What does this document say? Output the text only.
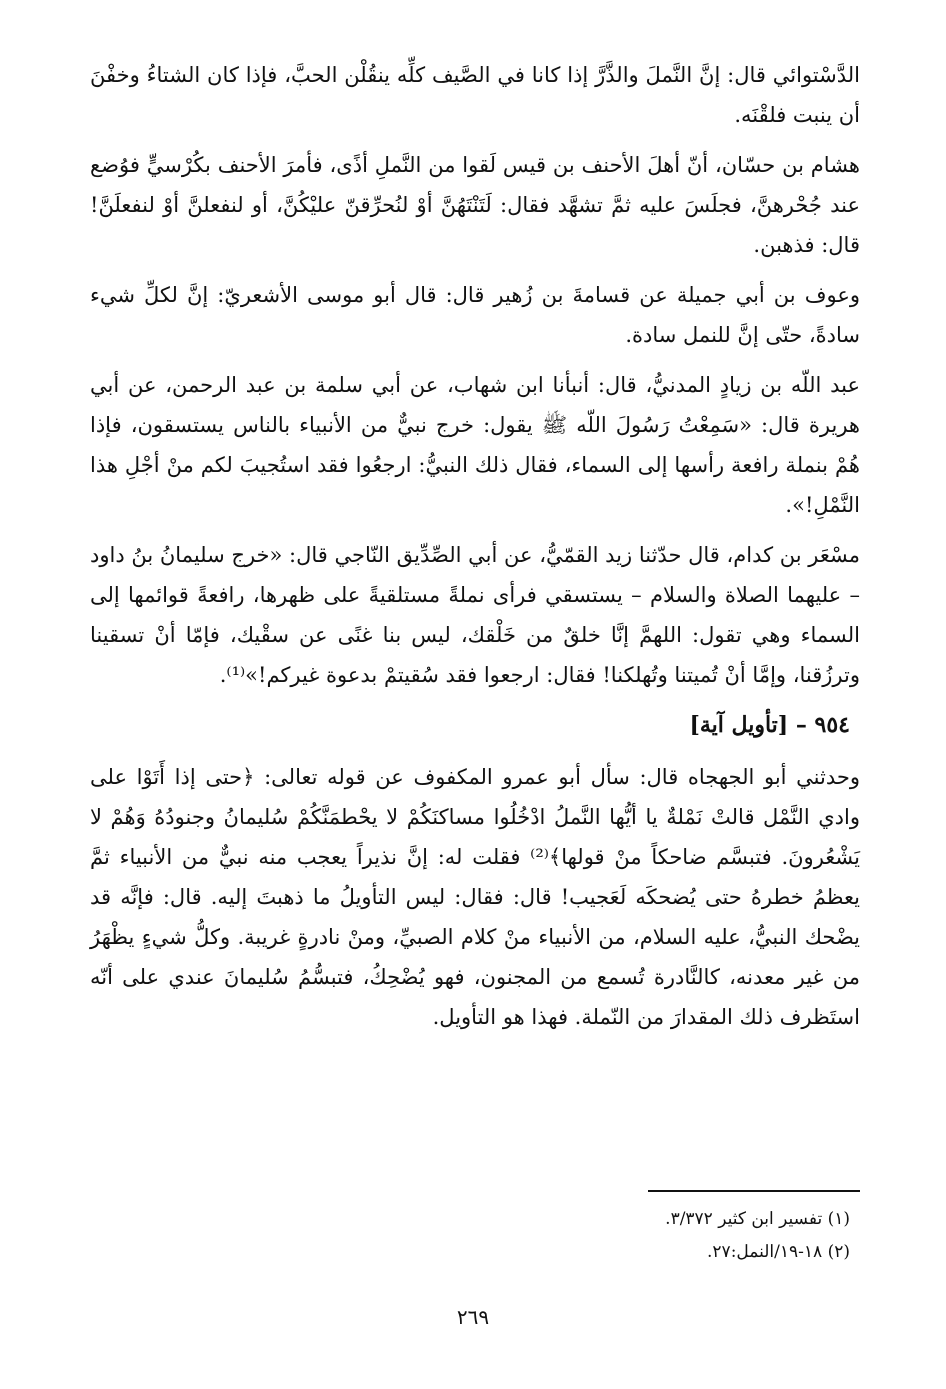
الدَّسْتوائي قال: إنَّ النَّملَ والذَّرَّ إذا كانا في الصَّيف كلِّه ينقُلْن الحبَّ، فإذا كان الشتاءُ وخفْنَ أن ينبت فلقْنَه.

هشام بن حسّان، أنّ أهلَ الأحنف بن قيس لَقوا من النَّملِ أذًى، فأمرَ الأحنف بكُرْسيٍّ فوُضع عند جُحْرهنَّ، فجلَسَ عليه ثمَّ تشهَّد فقال: لَتَنْتَهُنَّ أوْ لنُحرِّقنّ عليْكُنَّ، أو لنفعلنَّ أوْ لنفعلَنَّ! قال: فذهبن.

وعوف بن أبي جميلة عن قسامةَ بن زُهير قال: قال أبو موسى الأشعريّ: إنَّ لكلِّ شيء سادةً، حتّى إنَّ للنمل سادة.

عبد اللّه بن زيادٍ المدنيُّ، قال: أنبأنا ابن شهاب، عن أبي سلمة بن عبد الرحمن، عن أبي هريرة قال: «سَمِعْتُ رَسُولَ اللّه ﷺ يقول: خرج نبيٌّ من الأنبياء بالناس يستسقون، فإذا هُمْ بنملة رافعة رأسها إلى السماء، فقال ذلك النبيُّ: ارجعُوا فقد استُجيبَ لكم منْ أجْلِ هذا النَّمْلِ!».

مسْعَر بن كدام، قال حدّثنا زيد القمّيُّ، عن أبي الصِّدِّيق النّاجي قال: «خرج سليمانُ بنُ داود – عليهما الصلاة والسلام – يستسقي فرأى نملةً مستلقيةً على ظهرها، رافعةً قوائمها إلى السماء وهي تقول: اللهمَّ إنَّا خلقٌ من خَلْقك، ليس بنا غنًى عن سقْيك، فإمّا أنْ تسقينا وترزُقنا، وإمَّا أنْ تُميتنا وتُهلكنا! فقال: ارجعوا فقد سُقيتمْ بدعوة غيركم!»⁽¹⁾.

٩٥٤ – [تأويل آية]

وحدثني أبو الجهجاه قال: سأل أبو عمرو المكفوف عن قوله تعالى: ﴿حتى إذا أَتَوْا على وادي النَّمْل قالتْ نَمْلةٌ يا أيُّها النَّملُ ادْخُلُوا مساكنَكُمْ لا يحْطمَنَّكُمْ سُليمانُ وجنودُهُ وَهُمْ لا يَشْعُرونَ. فتبسَّم ضاحكاً منْ قولها﴾⁽²⁾ فقلت له: إنَّ نذيراً يعجب منه نبيٌّ من الأنبياء ثمَّ يعظمُ خطرهُ حتى يُضحكَه لَعَجيب! قال: فقال: ليس التأويلُ ما ذهبتَ إليه. قال: فإنَّه قد يضْحك النبيُّ، عليه السلام، من الأنبياء منْ كلام الصبيِّ، ومنْ نادرةٍ غريبة. وكلُّ شيءٍ يظْهَرُ من غير معدنه، كالنَّادرة تُسمع من المجنون، فهو يُضْحِكُ، فتبسُّمُ سُليمانَ عندي على أنّه استَظرف ذلك المقدارَ من النّملة. فهذا هو التأويل.

(١) تفسير ابن كثير ٣/٣٧٢.

(٢) ١٨-١٩/النمل:٢٧.

٢٦٩
